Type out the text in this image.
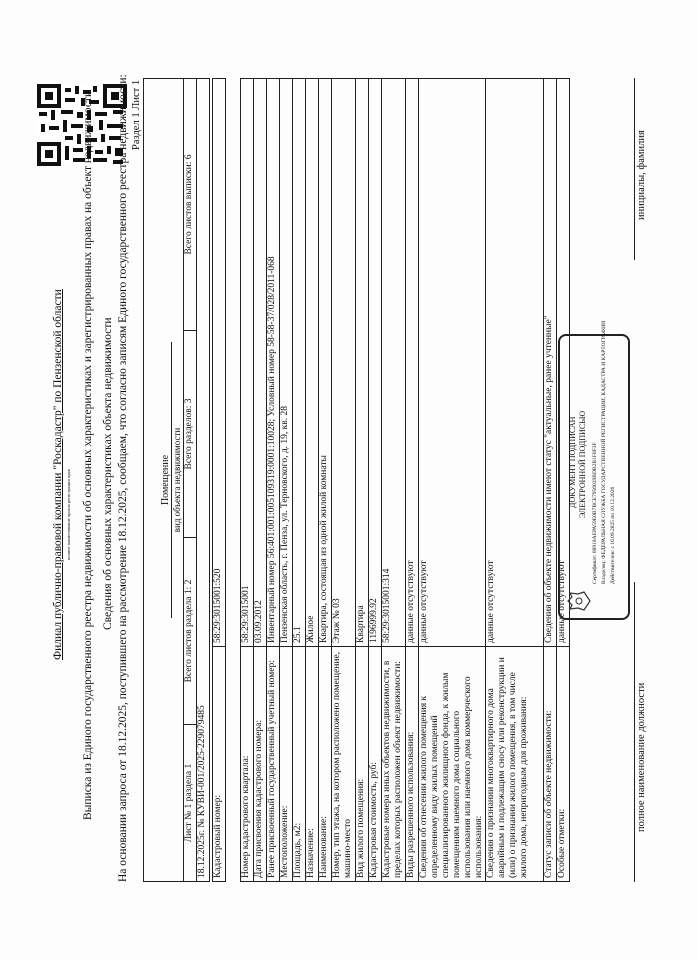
Филиал публично-правовой компании "Роскадастр" по Пензенской области полное наименование органа регистрации прав Выписка из Единого государственного реестра недвижимости об основных характеристиках и зарегистрированных правах на объект недвижимости Сведения об основных характеристиках объекта недвижимости На основании запроса от 18.12.2025, поступившего на рассмотрение 18.12.2025, сообщаем, что согласно записям Единого государственного реестра недвижимости: Раздел 1 Лист 1
Помещение вид объекта недвижимости

Лист № 1 раздела 1	Всего листов раздела 1: 2	Всего разделов: 3	Всего листов выписки: 6
18.12.2025г. № КУВИ-001/2025-229079485 Кадастровый номер:	58:29:3015001:520
Номер кадастрового квартала:	58:29:3015001
Дата присвоения кадастрового номера:	03.09.2012
Ранее присвоенный государственный учетный номер:	Инвентарный номер 56:401:001:005109319:0001:10028; Условный номер 58-58-37/028/2011-068
Местоположение:	Пензенская область, г. Пенза, ул. Терновского, д. 19, кв. 28
Площадь, м2:	25.1
Назначение:	Жилое
Наименование:	Квартира, состоящая из одной жилой комнаты
Номер, тип этажа, на котором расположено помещение, машино-место	Этаж № 03
Вид жилого помещения:	Квартира
Кадастровая стоимость, руб:	1196999.92
Кадастровые номера иных объектов недвижимости, в пределах которых расположен объект недвижимости:	58:29:3015001:314
Виды разрешенного использования:	данные отсутствуют
Сведения об отнесении жилого помещения к определенному виду жилых помещений специализированного жилищного фонда, к жилым помещениям наемного дома социального использования или наемного дома коммерческого использования:	данные отсутствуют
Сведения о признании многоквартирного дома аварийным и подлежащим сносу или реконструкции и (или) о признании жилого помещения, в том числе жилого дома, непригодным для проживания:	данные отсутствуют
Статус записи об объекте недвижимости:	Сведения об объекте недвижимости имеют статус "актуальные, ранее учтенные"
Особые отметки:	данные отсутствуют
полное наименование должности
инициалы, фамилия
ДОКУМЕНТ ПОДПИСАН ЭЛЕКТРОННОЙ ПОДПИСЬЮ Сертификат: 00918АЕРА59E0B7BCE7956039BDB2B1F0F3F Владелец: ФЕДЕРАЛЬНАЯ СЛУЖБА ГОСУДАРСТВЕННОЙ РЕГИСТРАЦИИ, КАДАСТРА И КАРТОГРАФИИ Действителен: с 16.09.2025 по 10.12.2026
